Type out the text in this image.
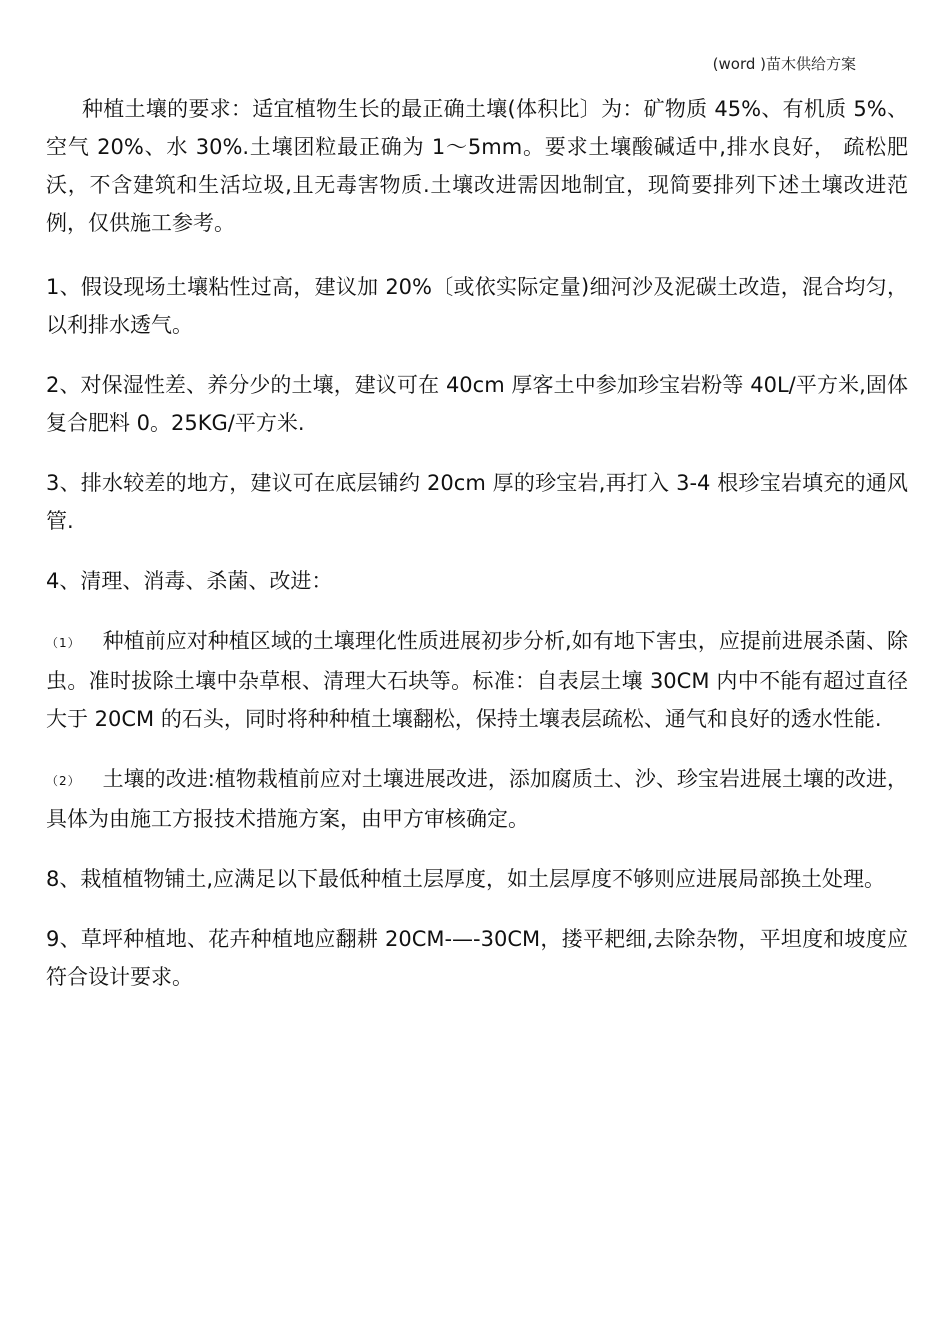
(word )苗木供给方案

种植土壤的要求：适宜植物生长的最正确土壤(体积比〕为：矿物质 45%、有机质 5%、空气 20%、水 30%.土壤团粒最正确为 1～5mm。要求土壤酸碱适中,排水良好， 疏松肥沃，不含建筑和生活垃圾,且无毒害物质.土壤改进需因地制宜，现简要排列下述土壤改进范例，仅供施工参考。

1、假设现场土壤粘性过高，建议加 20%〔或依实际定量)细河沙及泥碳土改造，混合均匀，以利排水透气。

2、对保湿性差、养分少的土壤，建议可在 40cm 厚客土中参加珍宝岩粉等 40L/平方米,固体复合肥料 0。25KG/平方米.

3、排水较差的地方，建议可在底层铺约 20cm 厚的珍宝岩,再打入 3-4 根珍宝岩填充的通风管.

4、清理、消毒、杀菌、改进：

（1） 种植前应对种植区域的土壤理化性质进展初步分析,如有地下害虫，应提前进展杀菌、除虫。准时拔除土壤中杂草根、清理大石块等。标准：自表层土壤 30CM 内中不能有超过直径大于 20CM 的石头，同时将种种植土壤翻松，保持土壤表层疏松、通气和良好的透水性能.

（2） 土壤的改进:植物栽植前应对土壤进展改进，添加腐质土、沙、珍宝岩进展土壤的改进，具体为由施工方报技术措施方案，由甲方审核确定。

8、栽植植物铺土,应满足以下最低种植土层厚度，如土层厚度不够则应进展局部换土处理。

9、草坪种植地、花卉种植地应翻耕 20CM-—-30CM，搂平耙细,去除杂物，平坦度和坡度应符合设计要求。
